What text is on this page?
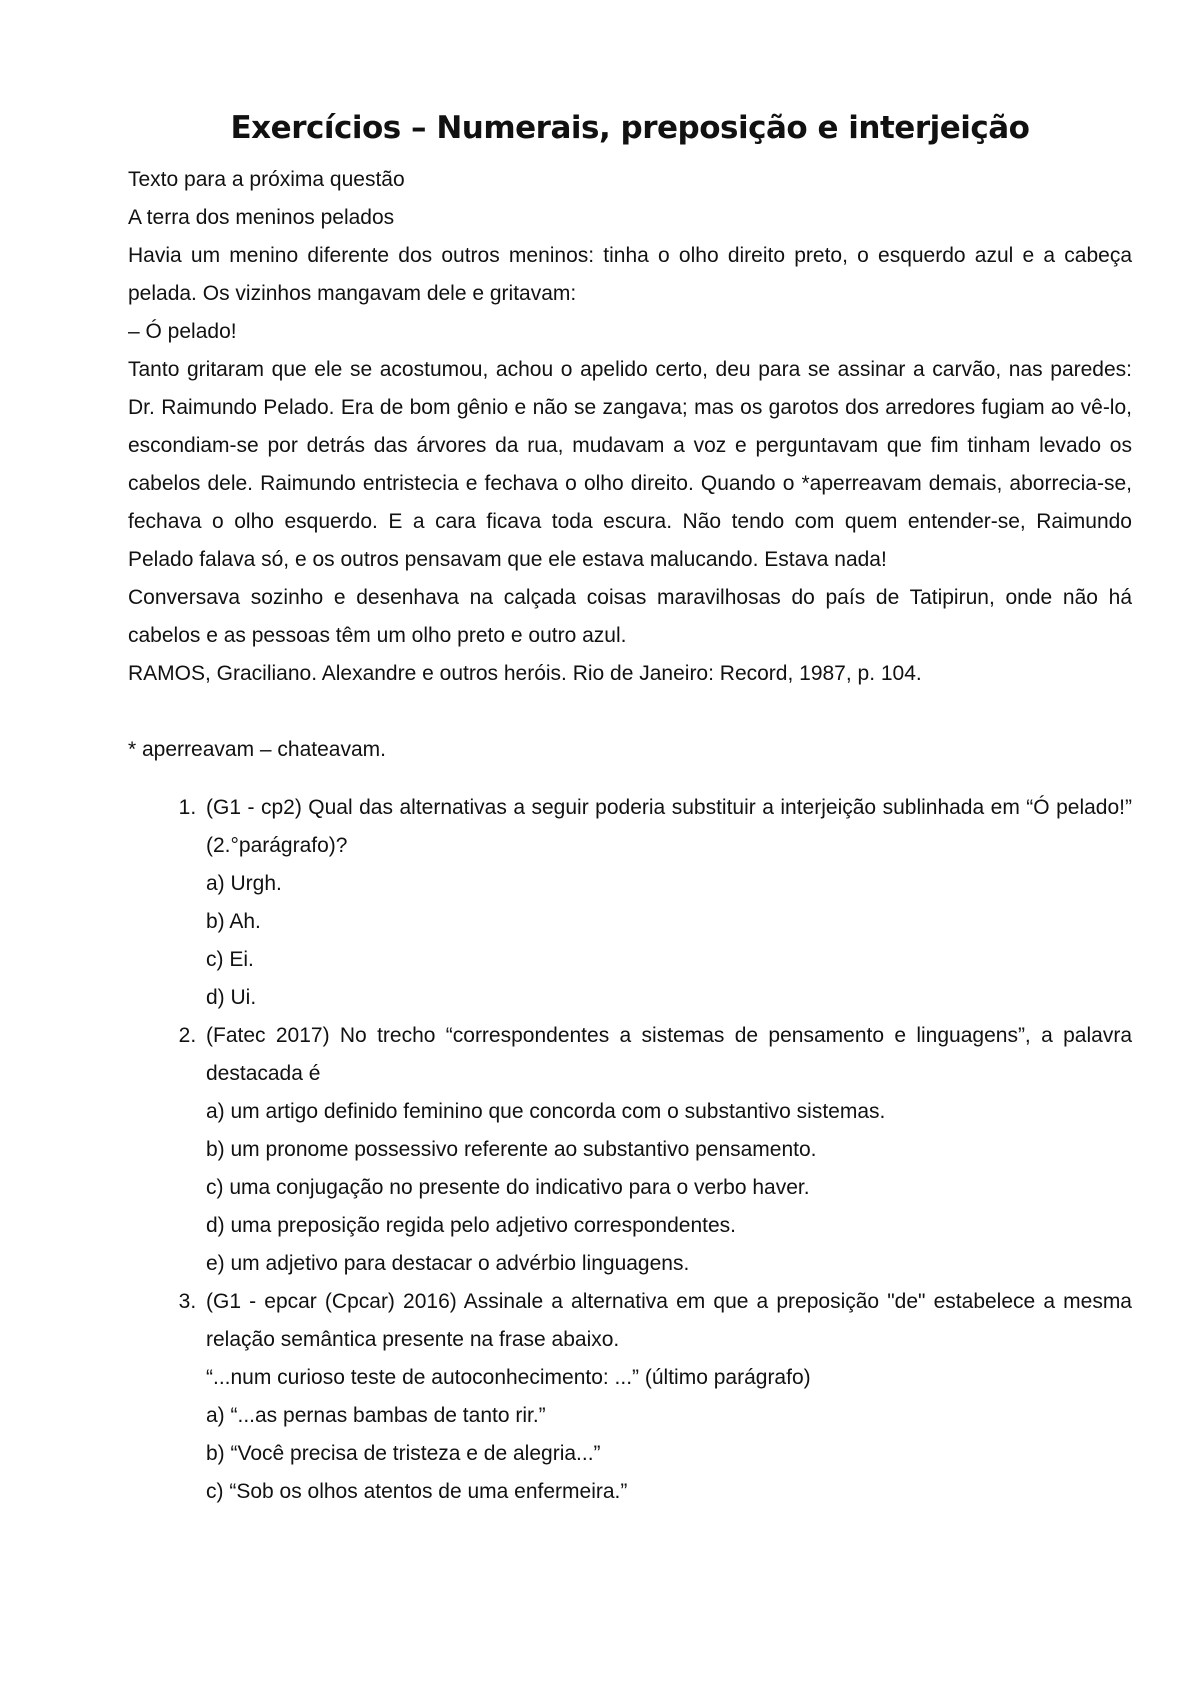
Exercícios – Numerais, preposição e interjeição

Texto para a próxima questão

A terra dos meninos pelados

Havia um menino diferente dos outros meninos: tinha o olho direito preto, o esquerdo azul e a cabeça pelada. Os vizinhos mangavam dele e gritavam:

– Ó pelado!

Tanto gritaram que ele se acostumou, achou o apelido certo, deu para se assinar a carvão, nas paredes: Dr. Raimundo Pelado. Era de bom gênio e não se zangava; mas os garotos dos arredores fugiam ao vê-lo, escondiam-se por detrás das árvores da rua, mudavam a voz e perguntavam que fim tinham levado os cabelos dele. Raimundo entristecia e fechava o olho direito. Quando o *aperreavam demais, aborrecia-se, fechava o olho esquerdo. E a cara ficava toda escura. Não tendo com quem entender-se, Raimundo Pelado falava só, e os outros pensavam que ele estava malucando. Estava nada!

Conversava sozinho e desenhava na calçada coisas maravilhosas do país de Tatipirun, onde não há cabelos e as pessoas têm um olho preto e outro azul.

RAMOS, Graciliano. Alexandre e outros heróis. Rio de Janeiro: Record, 1987, p. 104.

* aperreavam – chateavam.

1. (G1 - cp2) Qual das alternativas a seguir poderia substituir a interjeição sublinhada em “Ó pelado!” (2.°parágrafo)?
a) Urgh.
b) Ah.
c) Ei.
d) Ui.
2. (Fatec 2017) No trecho “correspondentes a sistemas de pensamento e linguagens”, a palavra destacada é
a) um artigo definido feminino que concorda com o substantivo sistemas.
b) um pronome possessivo referente ao substantivo pensamento.
c) uma conjugação no presente do indicativo para o verbo haver.
d) uma preposição regida pelo adjetivo correspondentes.
e) um adjetivo para destacar o advérbio linguagens.
3. (G1 - epcar (Cpcar) 2016) Assinale a alternativa em que a preposição "de" estabelece a mesma relação semântica presente na frase abaixo.
“...num curioso teste de autoconhecimento: ...” (último parágrafo)
a) “...as pernas bambas de tanto rir.”
b) “Você precisa de tristeza e de alegria...”
c) “Sob os olhos atentos de uma enfermeira.”
